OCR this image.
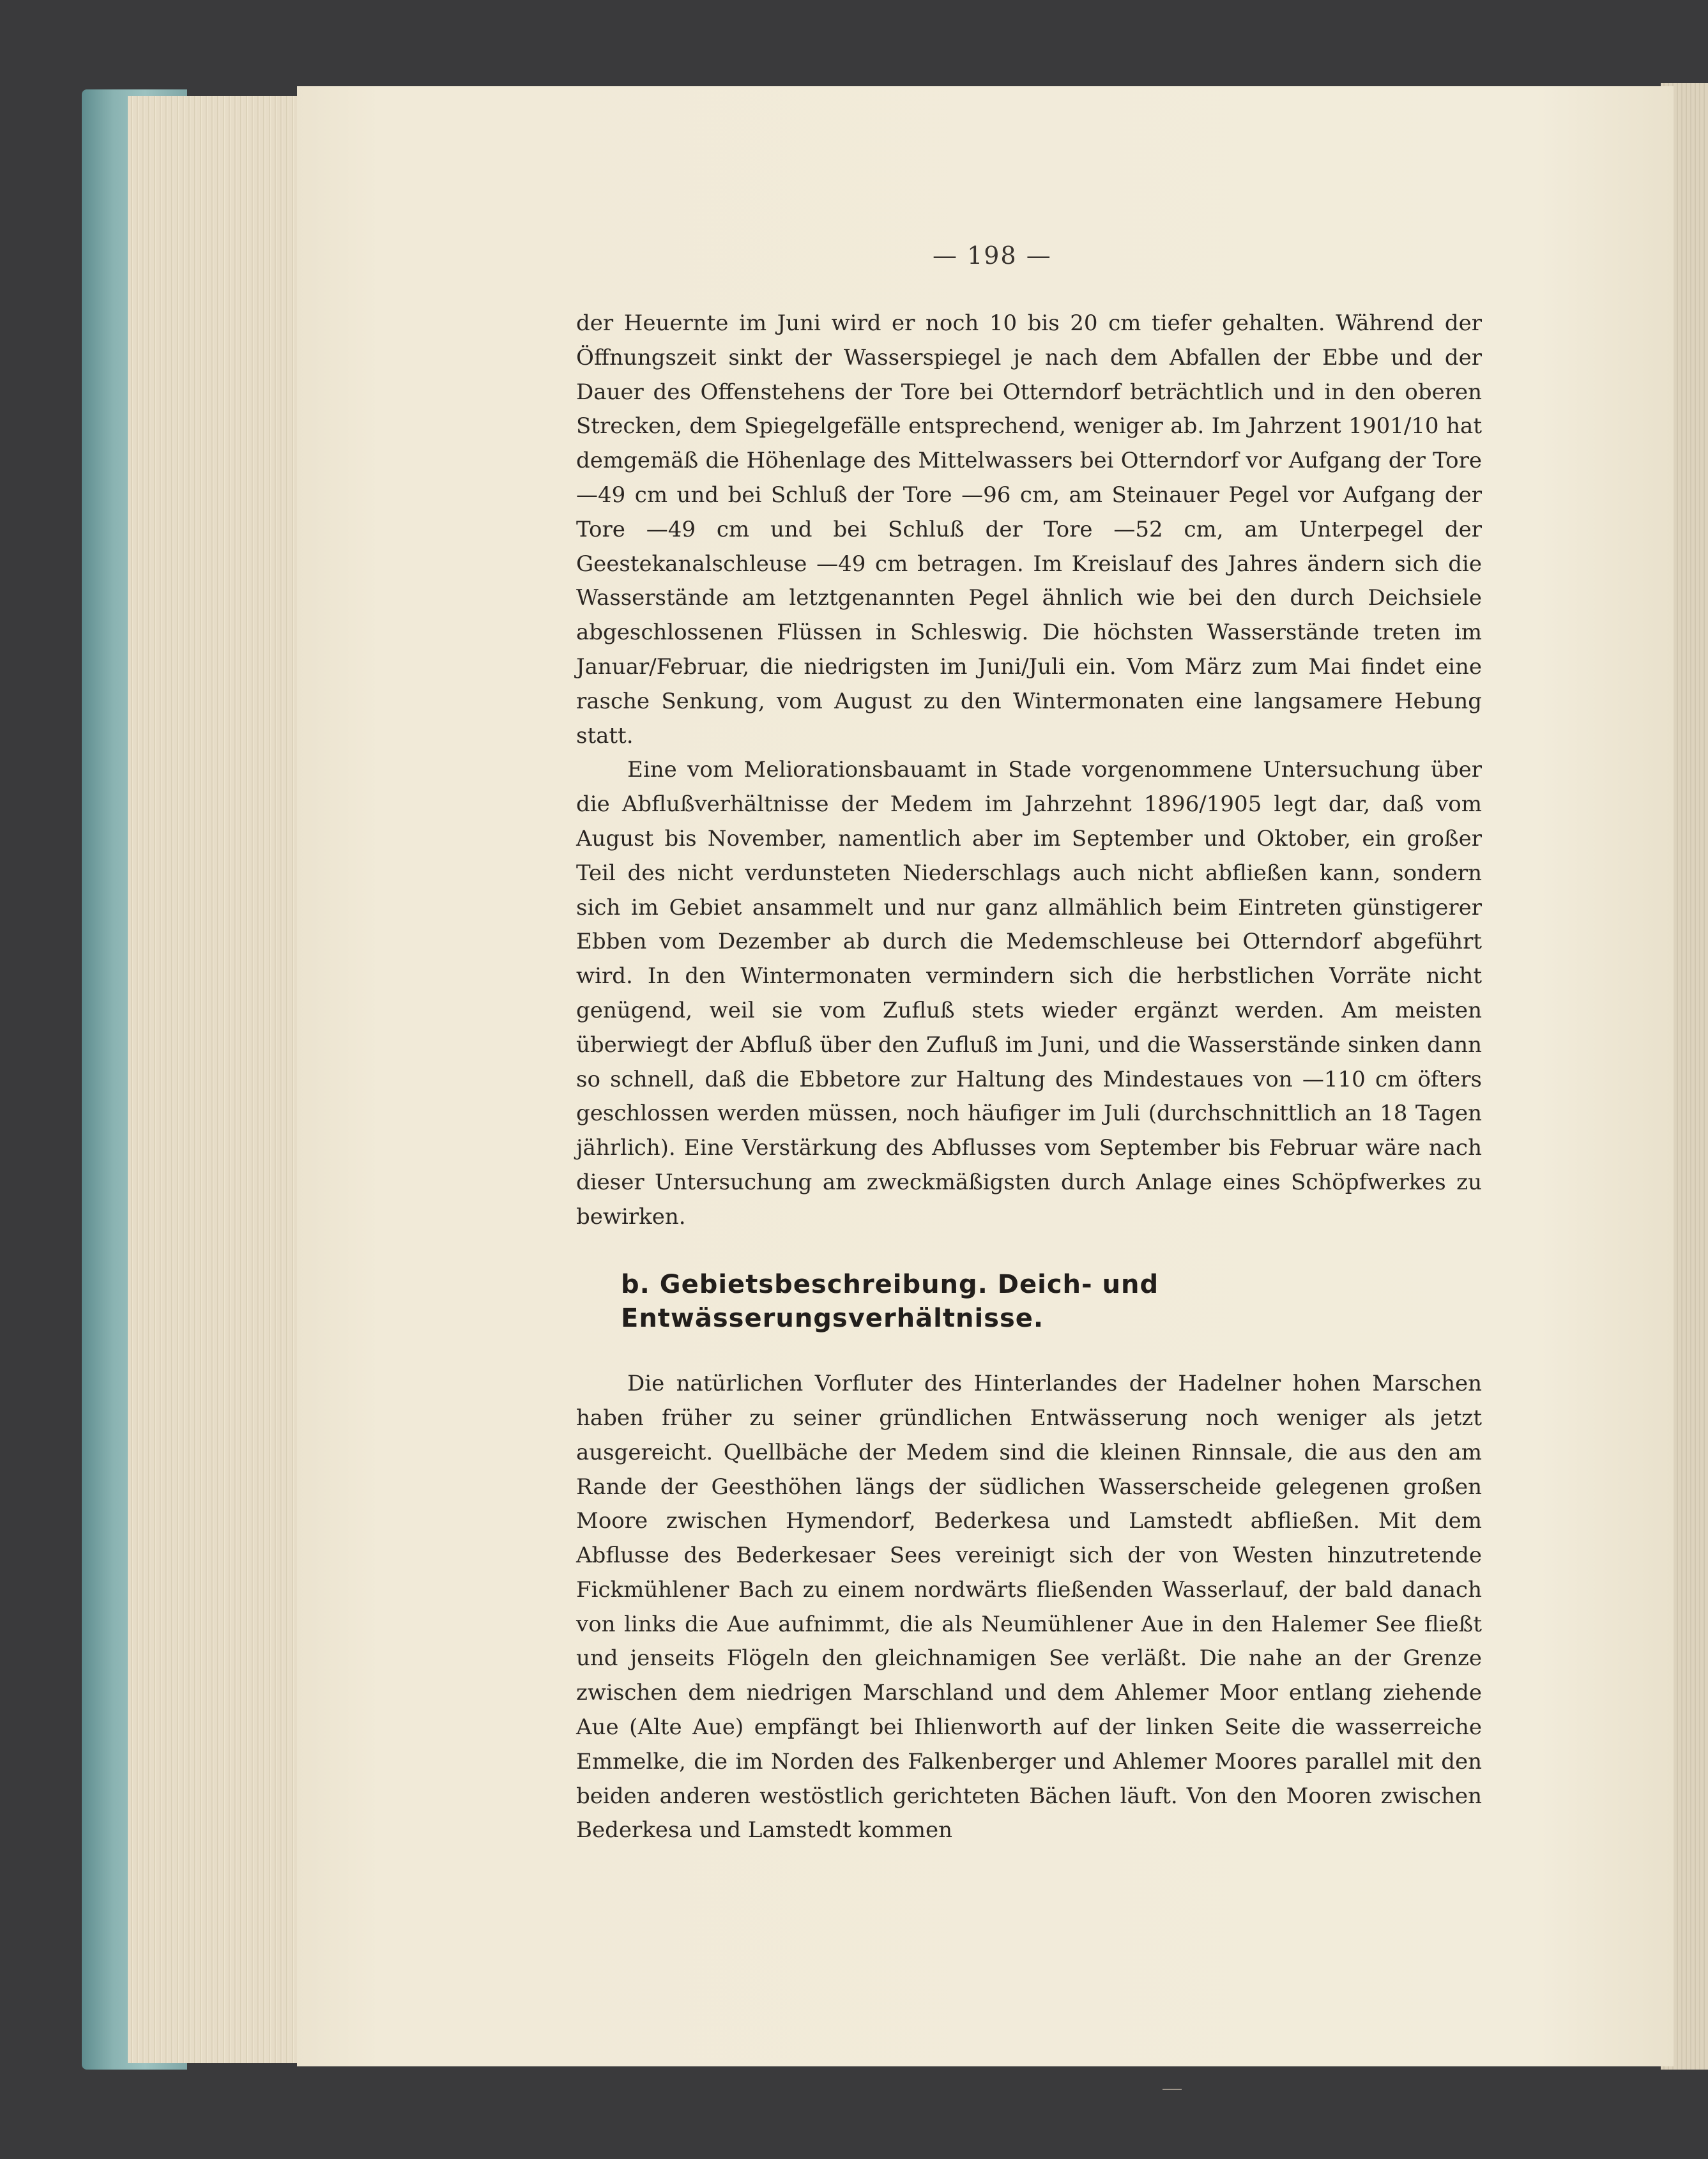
— 198 —

der Heuernte im Juni wird er noch 10 bis 20 cm tiefer gehalten. Während der Öffnungszeit sinkt der Wasserspiegel je nach dem Abfallen der Ebbe und der Dauer des Offenstehens der Tore bei Otterndorf beträchtlich und in den oberen Strecken, dem Spiegelgefälle entsprechend, weniger ab. Im Jahrzent 1901/10 hat demgemäß die Höhenlage des Mittelwassers bei Otterndorf vor Aufgang der Tore —49 cm und bei Schluß der Tore —96 cm, am Steinauer Pegel vor Aufgang der Tore —49 cm und bei Schluß der Tore —52 cm, am Unterpegel der Geestekanalschleuse —49 cm betragen. Im Kreislauf des Jahres ändern sich die Wasserstände am letztgenannten Pegel ähnlich wie bei den durch Deichsiele abgeschlossenen Flüssen in Schleswig. Die höchsten Wasserstände treten im Januar/Februar, die niedrigsten im Juni/Juli ein. Vom März zum Mai findet eine rasche Senkung, vom August zu den Wintermonaten eine langsamere Hebung statt.

Eine vom Meliorationsbauamt in Stade vorgenommene Untersuchung über die Abflußverhältnisse der Medem im Jahrzehnt 1896/1905 legt dar, daß vom August bis November, namentlich aber im September und Oktober, ein großer Teil des nicht verdunsteten Niederschlags auch nicht abfließen kann, sondern sich im Gebiet ansammelt und nur ganz allmählich beim Eintreten günstigerer Ebben vom Dezember ab durch die Medemschleuse bei Otterndorf abgeführt wird. In den Wintermonaten vermindern sich die herbstlichen Vorräte nicht genügend, weil sie vom Zufluß stets wieder ergänzt werden. Am meisten überwiegt der Abfluß über den Zufluß im Juni, und die Wasserstände sinken dann so schnell, daß die Ebbetore zur Haltung des Mindestaues von —110 cm öfters geschlossen werden müssen, noch häufiger im Juli (durchschnittlich an 18 Tagen jährlich). Eine Verstärkung des Abflusses vom September bis Februar wäre nach dieser Untersuchung am zweckmäßigsten durch Anlage eines Schöpfwerkes zu bewirken.

b. Gebietsbeschreibung. Deich- und Entwässerungsverhältnisse.

Die natürlichen Vorfluter des Hinterlandes der Hadelner hohen Marschen haben früher zu seiner gründlichen Entwässerung noch weniger als jetzt ausgereicht. Quellbäche der Medem sind die kleinen Rinnsale, die aus den am Rande der Geesthöhen längs der südlichen Wasserscheide gelegenen großen Moore zwischen Hymendorf, Bederkesa und Lamstedt abfließen. Mit dem Abflusse des Bederkesaer Sees vereinigt sich der von Westen hinzutretende Fickmühlener Bach zu einem nordwärts fließenden Wasserlauf, der bald danach von links die Aue aufnimmt, die als Neumühlener Aue in den Halemer See fließt und jenseits Flögeln den gleichnamigen See verläßt. Die nahe an der Grenze zwischen dem niedrigen Marschland und dem Ahlemer Moor entlang ziehende Aue (Alte Aue) empfängt bei Ihlienworth auf der linken Seite die wasserreiche Emmelke, die im Norden des Falkenberger und Ahlemer Moores parallel mit den beiden anderen westöstlich gerichteten Bächen läuft. Von den Mooren zwischen Bederkesa und Lamstedt kommen
